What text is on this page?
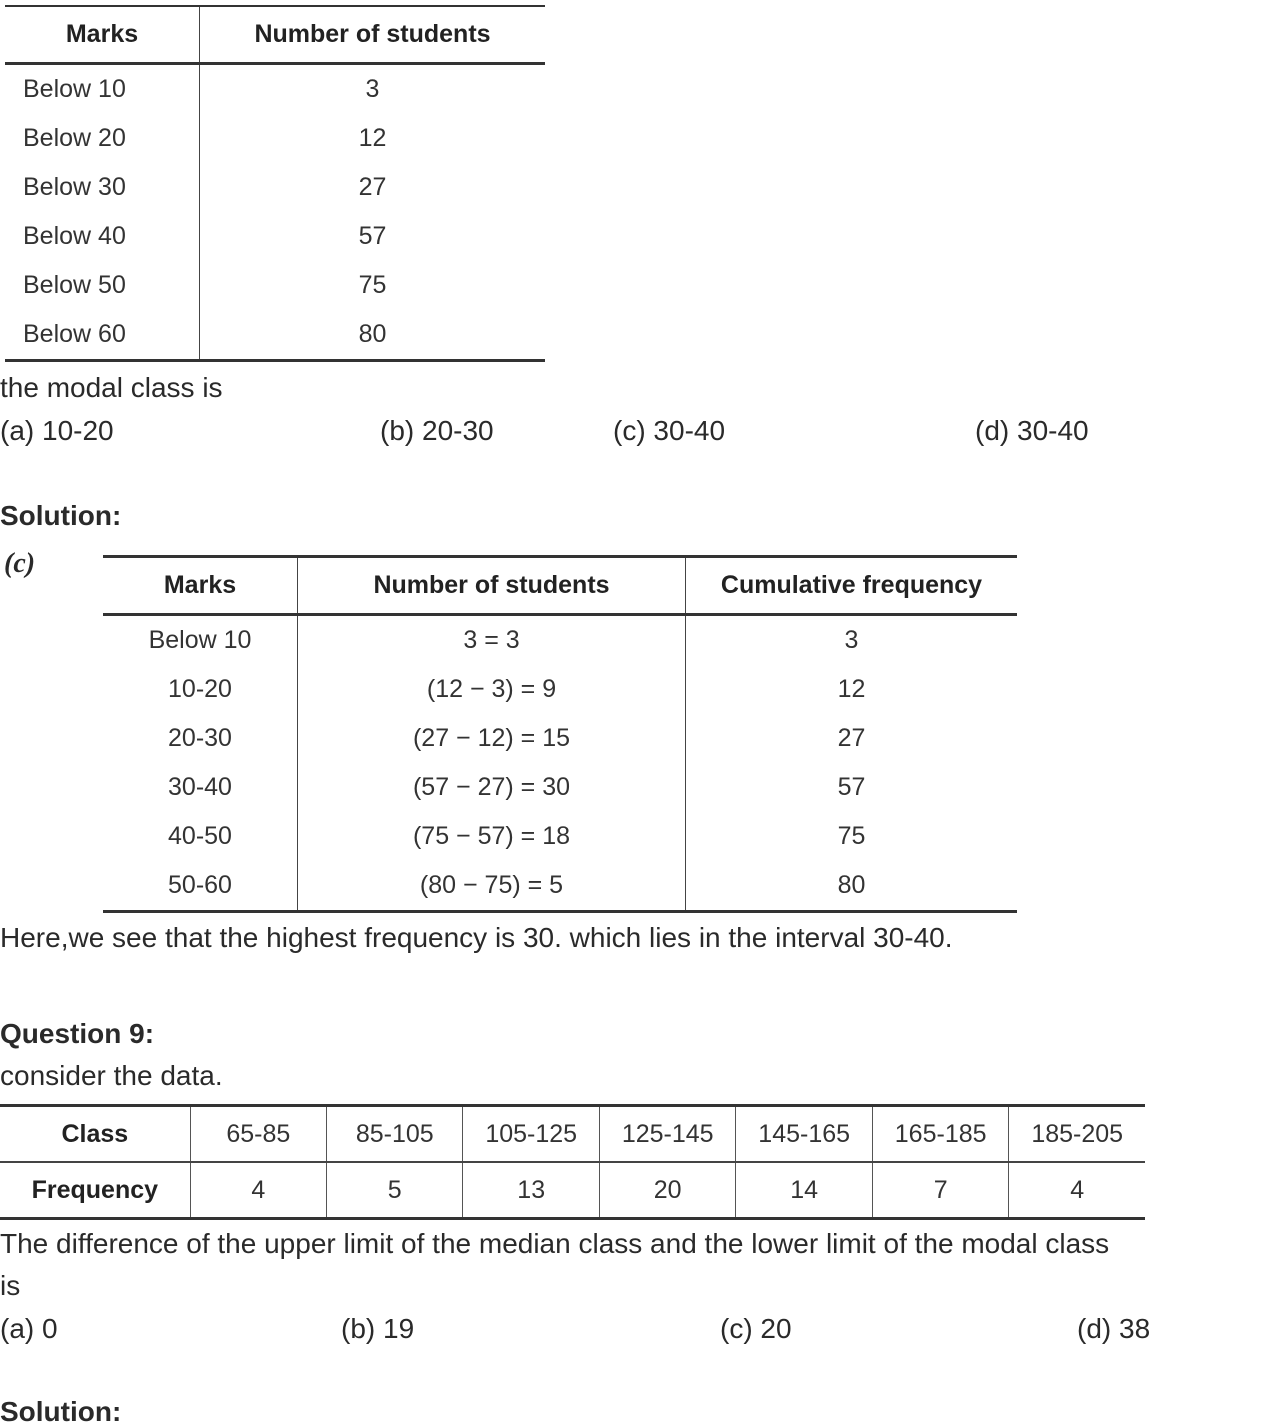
Marks	Number of students
Below 10	3
Below 20	12
Below 30	27
Below 40	57
Below 50	75
Below 60	80
the modal class is
(a) 10-20	(b) 20-30	(c) 30-40	(d) 30-40
Solution:
(c)
Marks	Number of students	Cumulative frequency
Below 10	3 = 3	3
10-20	(12 − 3) = 9	12
20-30	(27 − 12) = 15	27
30-40	(57 − 27) = 30	57
40-50	(75 − 57) = 18	75
50-60	(80 − 75) = 5	80
Here,we see that the highest frequency is 30. which lies in the interval 30-40.
Question 9:
consider the data.
Class	65-85	85-105	105-125	125-145	145-165	165-185	185-205
Frequency	4	5	13	20	14	7	4
The difference of the upper limit of the median class and the lower limit of the modal class
is
(a) 0	(b) 19	(c) 20	(d) 38
Solution:
